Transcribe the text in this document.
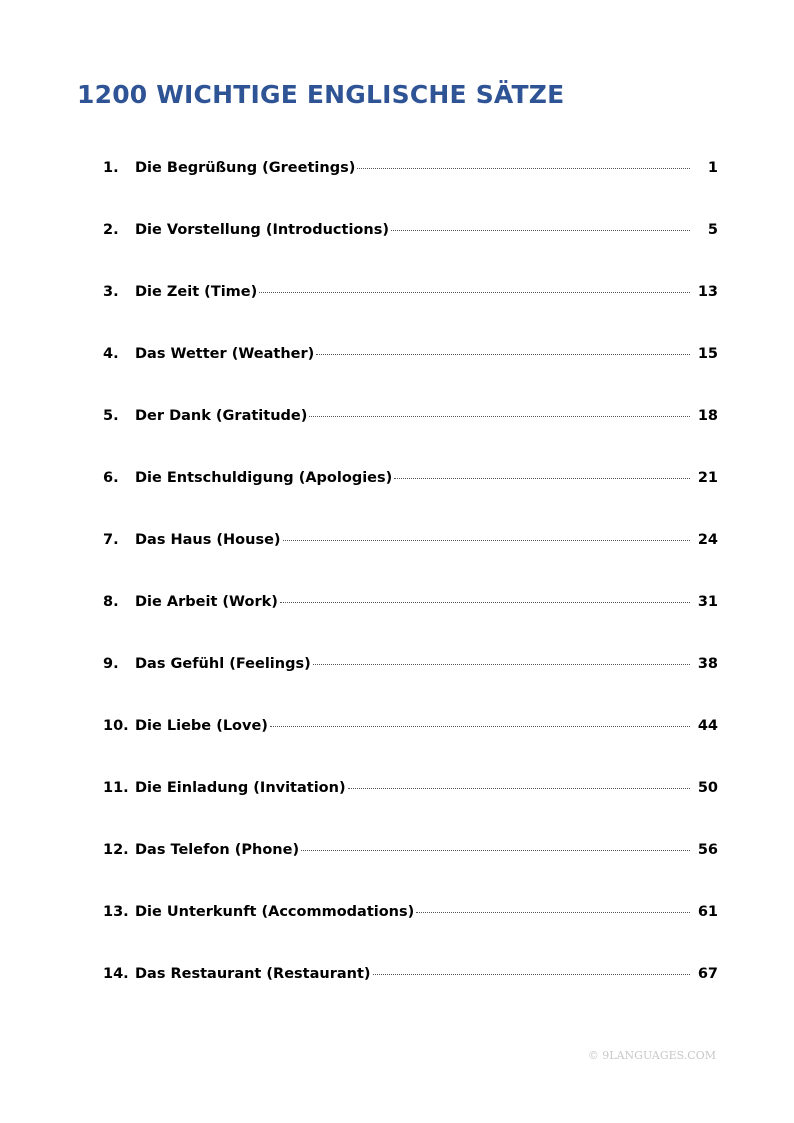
1200 WICHTIGE ENGLISCHE SÄTZE
1.	Die Begrüßung (Greetings)	1
2.	Die Vorstellung (Introductions)	5
3.	Die Zeit (Time)	13
4.	Das Wetter (Weather)	15
5.	Der Dank (Gratitude)	18
6.	Die Entschuldigung (Apologies)	21
7.	Das Haus (House)	24
8.	Die Arbeit (Work)	31
9.	Das Gefühl (Feelings)	38
10. Die Liebe (Love)	44
11. Die Einladung (Invitation)	50
12. Das Telefon (Phone)	56
13. Die Unterkunft (Accommodations)	61
14. Das Restaurant (Restaurant)	67
© 9LANGUAGES.COM
